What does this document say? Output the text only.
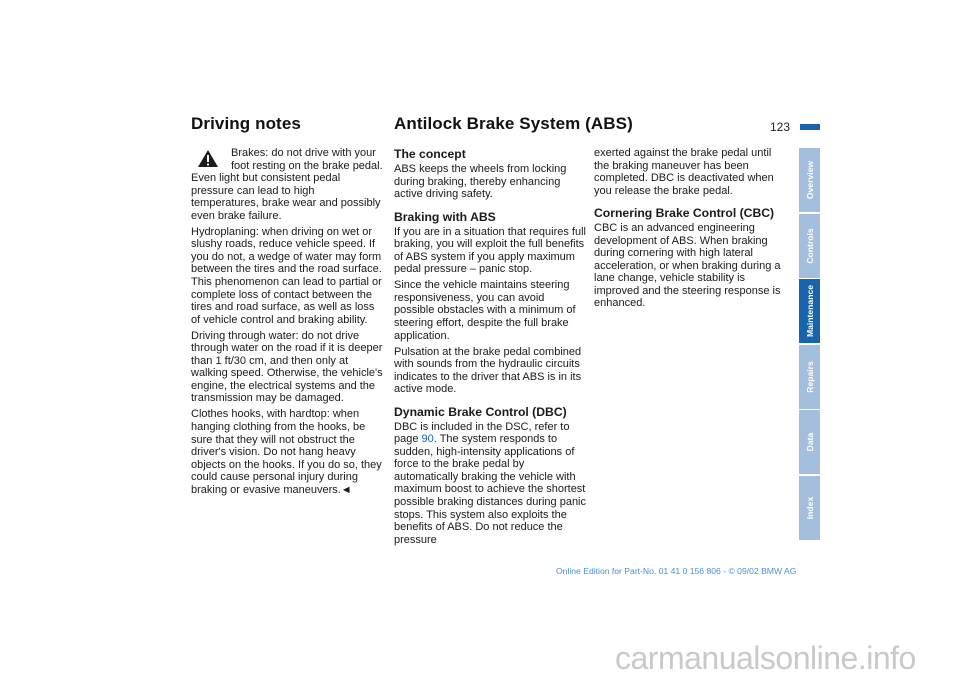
Driving notes	Antilock Brake System (ABS)	123

Brakes: do not drive with your foot resting on the brake pedal. Even light but consistent pedal pressure can lead to high temperatures, brake wear and possibly even brake failure.

Hydroplaning: when driving on wet or slushy roads, reduce vehicle speed. If you do not, a wedge of water may form between the tires and the road surface. This phenomenon can lead to partial or complete loss of contact between the tires and road surface, as well as loss of vehicle control and braking ability.

Driving through water: do not drive through water on the road if it is deeper than 1 ft/30 cm, and then only at walking speed. Otherwise, the vehicle's engine, the electrical systems and the transmission may be damaged.

Clothes hooks, with hardtop: when hanging clothing from the hooks, be sure that they will not obstruct the driver's vision. Do not hang heavy objects on the hooks. If you do so, they could cause personal injury during braking or evasive maneuvers.◄

The concept

ABS keeps the wheels from locking during braking, thereby enhancing active driving safety.

Braking with ABS

If you are in a situation that requires full braking, you will exploit the full benefits of ABS system if you apply maximum pedal pressure – panic stop.

Since the vehicle maintains steering responsiveness, you can avoid possible obstacles with a minimum of steering effort, despite the full brake application.

Pulsation at the brake pedal combined with sounds from the hydraulic circuits indicates to the driver that ABS is in its active mode.

Dynamic Brake Control (DBC)

DBC is included in the DSC, refer to page 90. The system responds to sudden, high-intensity applications of force to the brake pedal by automatically braking the vehicle with maximum boost to achieve the shortest possible braking distances during panic stops. This system also exploits the benefits of ABS. Do not reduce the pressure

exerted against the brake pedal until the braking maneuver has been completed. DBC is deactivated when you release the brake pedal.

Cornering Brake Control (CBC)

CBC is an advanced engineering development of ABS. When braking during cornering with high lateral acceleration, or when braking during a lane change, vehicle stability is improved and the steering response is enhanced.

Overview
Controls
Maintenance
Repairs
Data
Index
Online Edition for Part-No. 01 41 0 156 806 - © 09/02 BMW AG
carmanualsonline.info
